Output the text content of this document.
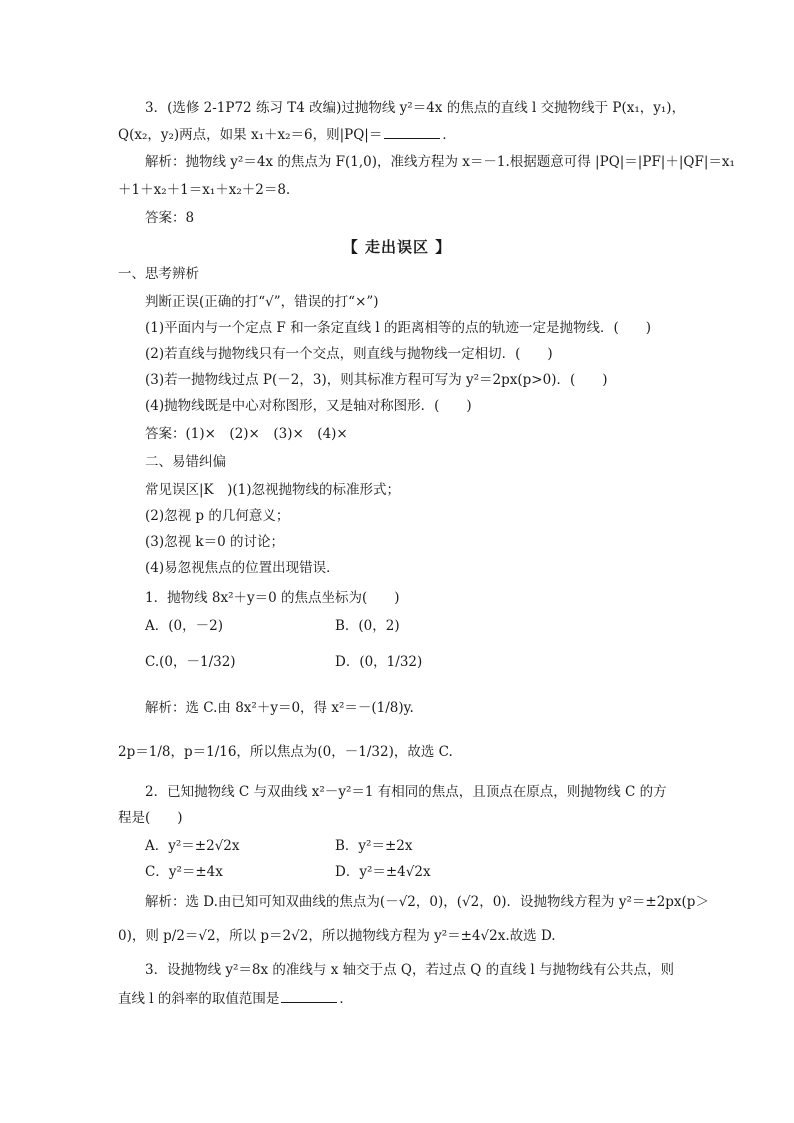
3．(选修 2-1P72 练习 T4 改编)过抛物线 y²＝4x 的焦点的直线 l 交抛物线于 P(x₁，y₁)，
Q(x₂，y₂)两点，如果 x₁＋x₂＝6，则|PQ|＝	．
解析：抛物线 y²＝4x 的焦点为 F(1,0)，准线方程为 x＝－1.根据题意可得 |PQ|＝|PF|＋|QF|＝x₁
＋1＋x₂＋1＝x₁＋x₂＋2＝8.
答案：8
【 走出误区 】
一、思考辨析
判断正误(正确的打“√”，错误的打“×”)
(1)平面内与一个定点 F 和一条定直线 l 的距离相等的点的轨迹一定是抛物线．(　　)
(2)若直线与抛物线只有一个交点，则直线与抛物线一定相切．(　　)
(3)若一抛物线过点 P(－2，3)，则其标准方程可写为 y²＝2px(p>0)．(　　)
(4)抛物线既是中心对称图形，又是轴对称图形．(　　)
答案：(1)×　(2)×　(3)×　(4)×
二、易错纠偏
常见误区|K　)(1)忽视抛物线的标准形式；
(2)忽视 p 的几何意义；
(3)忽视 k＝0 的讨论；
(4)易忽视焦点的位置出现错误．
1．抛物线 8x²＋y＝0 的焦点坐标为(　　)
A．(0，－2)	B．(0，2)
C.(0，－1/32)	D．(0，1/32)
解析：选 C.由 8x²＋y＝0，得 x²＝－(1/8)y.
2p＝1/8，p＝1/16，所以焦点为(0，－1/32)，故选 C.
2．已知抛物线 C 与双曲线 x²－y²＝1 有相同的焦点，且顶点在原点，则抛物线 C 的方
程是(　　)
A．y²＝±2√2x	B．y²＝±2x
C．y²＝±4x	D．y²＝±4√2x
解析：选 D.由已知可知双曲线的焦点为(－√2，0)，(√2，0)．设抛物线方程为 y²＝±2px(p＞
0)，则 p/2＝√2，所以 p＝2√2，所以抛物线方程为 y²＝±4√2x.故选 D.
3．设抛物线 y²＝8x 的准线与 x 轴交于点 Q，若过点 Q 的直线 l 与抛物线有公共点，则
直线 l 的斜率的取值范围是	．
